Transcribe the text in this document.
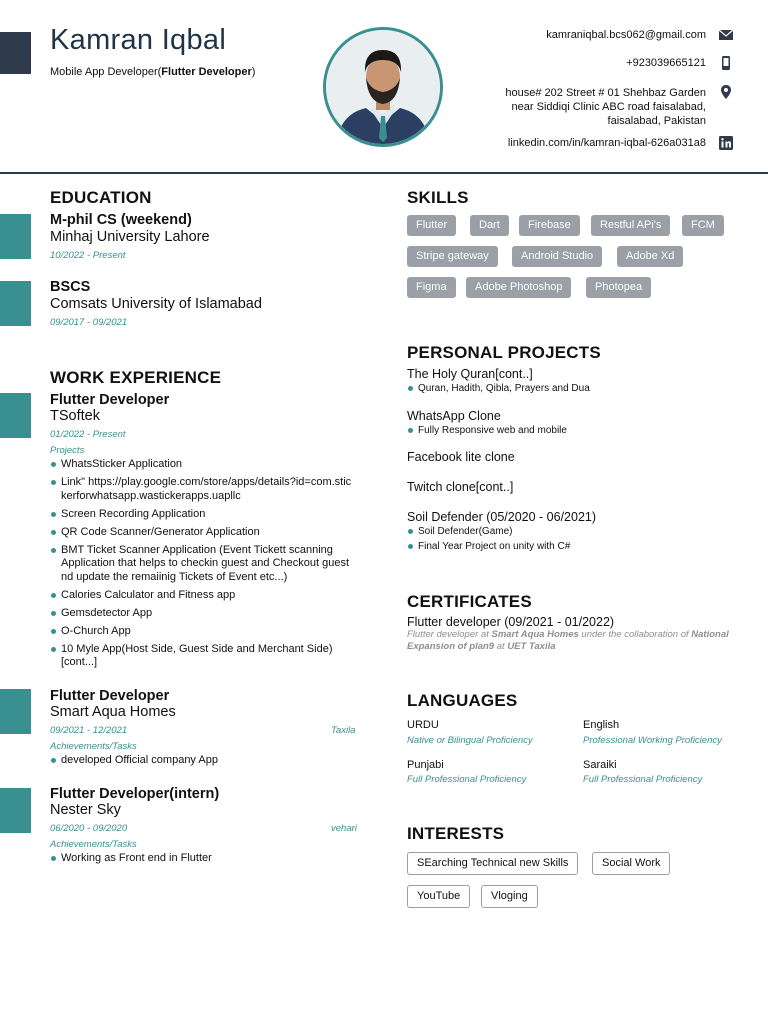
Kamran Iqbal
Mobile App Developer(Flutter Developer)
kamraniqbal.bcs062@gmail.com
+923039665121
house# 202 Street # 01 Shehbaz Garden
near Siddiqi Clinic ABC road faisalabad,
faisalabad, Pakistan
linkedin.com/in/kamran-iqbal-626a031a8
EDUCATION
M-phil CS (weekend)
Minhaj University Lahore
10/2022 - Present
BSCS
Comsats University of Islamabad
09/2017 - 09/2021
WORK EXPERIENCE
Flutter Developer
TSoftek
01/2022 - Present
Projects
WhatsSticker Application
Link" https://play.google.com/store/apps/details?id=com.stickerforwhatsapp.wastickerapps.uapllc
Screen Recording Application
QR Code Scanner/Generator Application
BMT Ticket Scanner Application (Event Tickett scanning Application that helps to checkin guest and Checkout guest nd update the remaiinig Tickets of Event etc...)
Calories Calculator and Fitness app
Gemsdetector App
O-Church App
10 Myle App(Host Side, Guest Side and Merchant Side) [cont...]
Flutter Developer
Smart Aqua Homes
09/2021 - 12/2021	Taxila
Achievements/Tasks
developed Official company App
Flutter Developer(intern)
Nester Sky
06/2020 - 09/2020	vehari
Achievements/Tasks
Working as Front end in Flutter
SKILLS
Flutter	Dart	Firebase	Restful APi's	FCM
Stripe gateway	Android Studio	Adobe Xd
Figma	Adobe Photoshop	Photopea
PERSONAL PROJECTS
The Holy Quran[cont..]
Quran, Hadith, Qibla, Prayers and Dua
WhatsApp Clone
Fully Responsive web and mobile
Facebook lite clone
Twitch clone[cont..]
Soil Defender (05/2020 - 06/2021)
Soil Defender(Game)
Final Year Project on unity with C#
CERTIFICATES
Flutter developer (09/2021 - 01/2022)
Flutter developer at Smart Aqua Homes under the collaboration of National Expansion of plan9 at UET Taxila
LANGUAGES
URDU
Native or Bilingual Proficiency
English
Professional Working Proficiency
Punjabi
Full Professional Proficiency
Saraiki
Full Professional Proficiency
INTERESTS
SEarching Technical new Skills	Social Work
YouTube	Vloging
